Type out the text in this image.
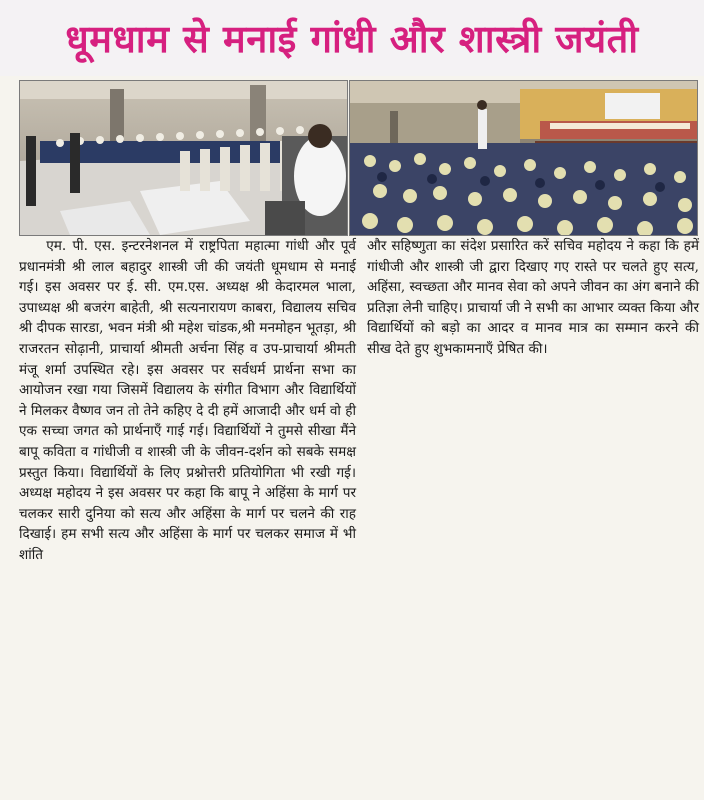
धूमधाम से मनाई गांधी और शास्त्री जयंती

एम. पी. एस. इन्टरनेशनल में राष्ट्रपिता महात्मा गांधी और पूर्व प्रधानमंत्री श्री लाल बहादुर शास्त्री जी की जयंती धूमधाम से मनाई गई। इस अवसर पर ई. सी. एम.एस. अध्यक्ष श्री केदारमल भाला, उपाध्यक्ष श्री बजरंग बाहेती, श्री सत्यनारायण काबरा, विद्यालय सचिव श्री दीपक सारडा, भवन मंत्री श्री महेश चांडक,श्री मनमोहन भूतड़ा, श्री राजरतन सोढ़ानी, प्राचार्या श्रीमती अर्चना सिंह व उप-प्राचार्या श्रीमती मंजू शर्मा उपस्थित रहे। इस अवसर पर सर्वधर्म प्रार्थना सभा का आयोजन रखा गया जिसमें विद्यालय के संगीत विभाग और विद्यार्थियों ने मिलकर वैष्णव जन तो तेने कहिए दे दी हमें आजादी और धर्म वो ही एक सच्चा जगत को प्रार्थनाएँ गाई गई। विद्यार्थियों ने तुमसे सीखा मैंने बापू कविता व गांधीजी व शास्त्री जी के जीवन-दर्शन को सबके समक्ष प्रस्तुत किया। विद्यार्थियों के लिए प्रश्नोत्तरी प्रतियोगिता भी रखी गई। अध्यक्ष महोदय ने इस अवसर पर कहा कि बापू ने अहिंसा के मार्ग पर चलकर सारी दुनिया को सत्य और अहिंसा के मार्ग पर चलने की राह दिखाई। हम सभी सत्य और अहिंसा के मार्ग पर चलकर समाज में भी शांति

और सहिष्णुता का संदेश प्रसारित करें सचिव महोदय ने कहा कि हमें गांधीजी और शास्त्री जी द्वारा दिखाए गए रास्ते पर चलते हुए सत्य, अहिंसा, स्वच्छता और मानव सेवा को अपने जीवन का अंग बनाने की प्रतिज्ञा लेनी चाहिए। प्राचार्या जी ने सभी का आभार व्यक्त किया और विद्यार्थियों को बड़ो का आदर व मानव मात्र का सम्मान करने की सीख देते हुए शुभकामनाएँ प्रेषित की।
